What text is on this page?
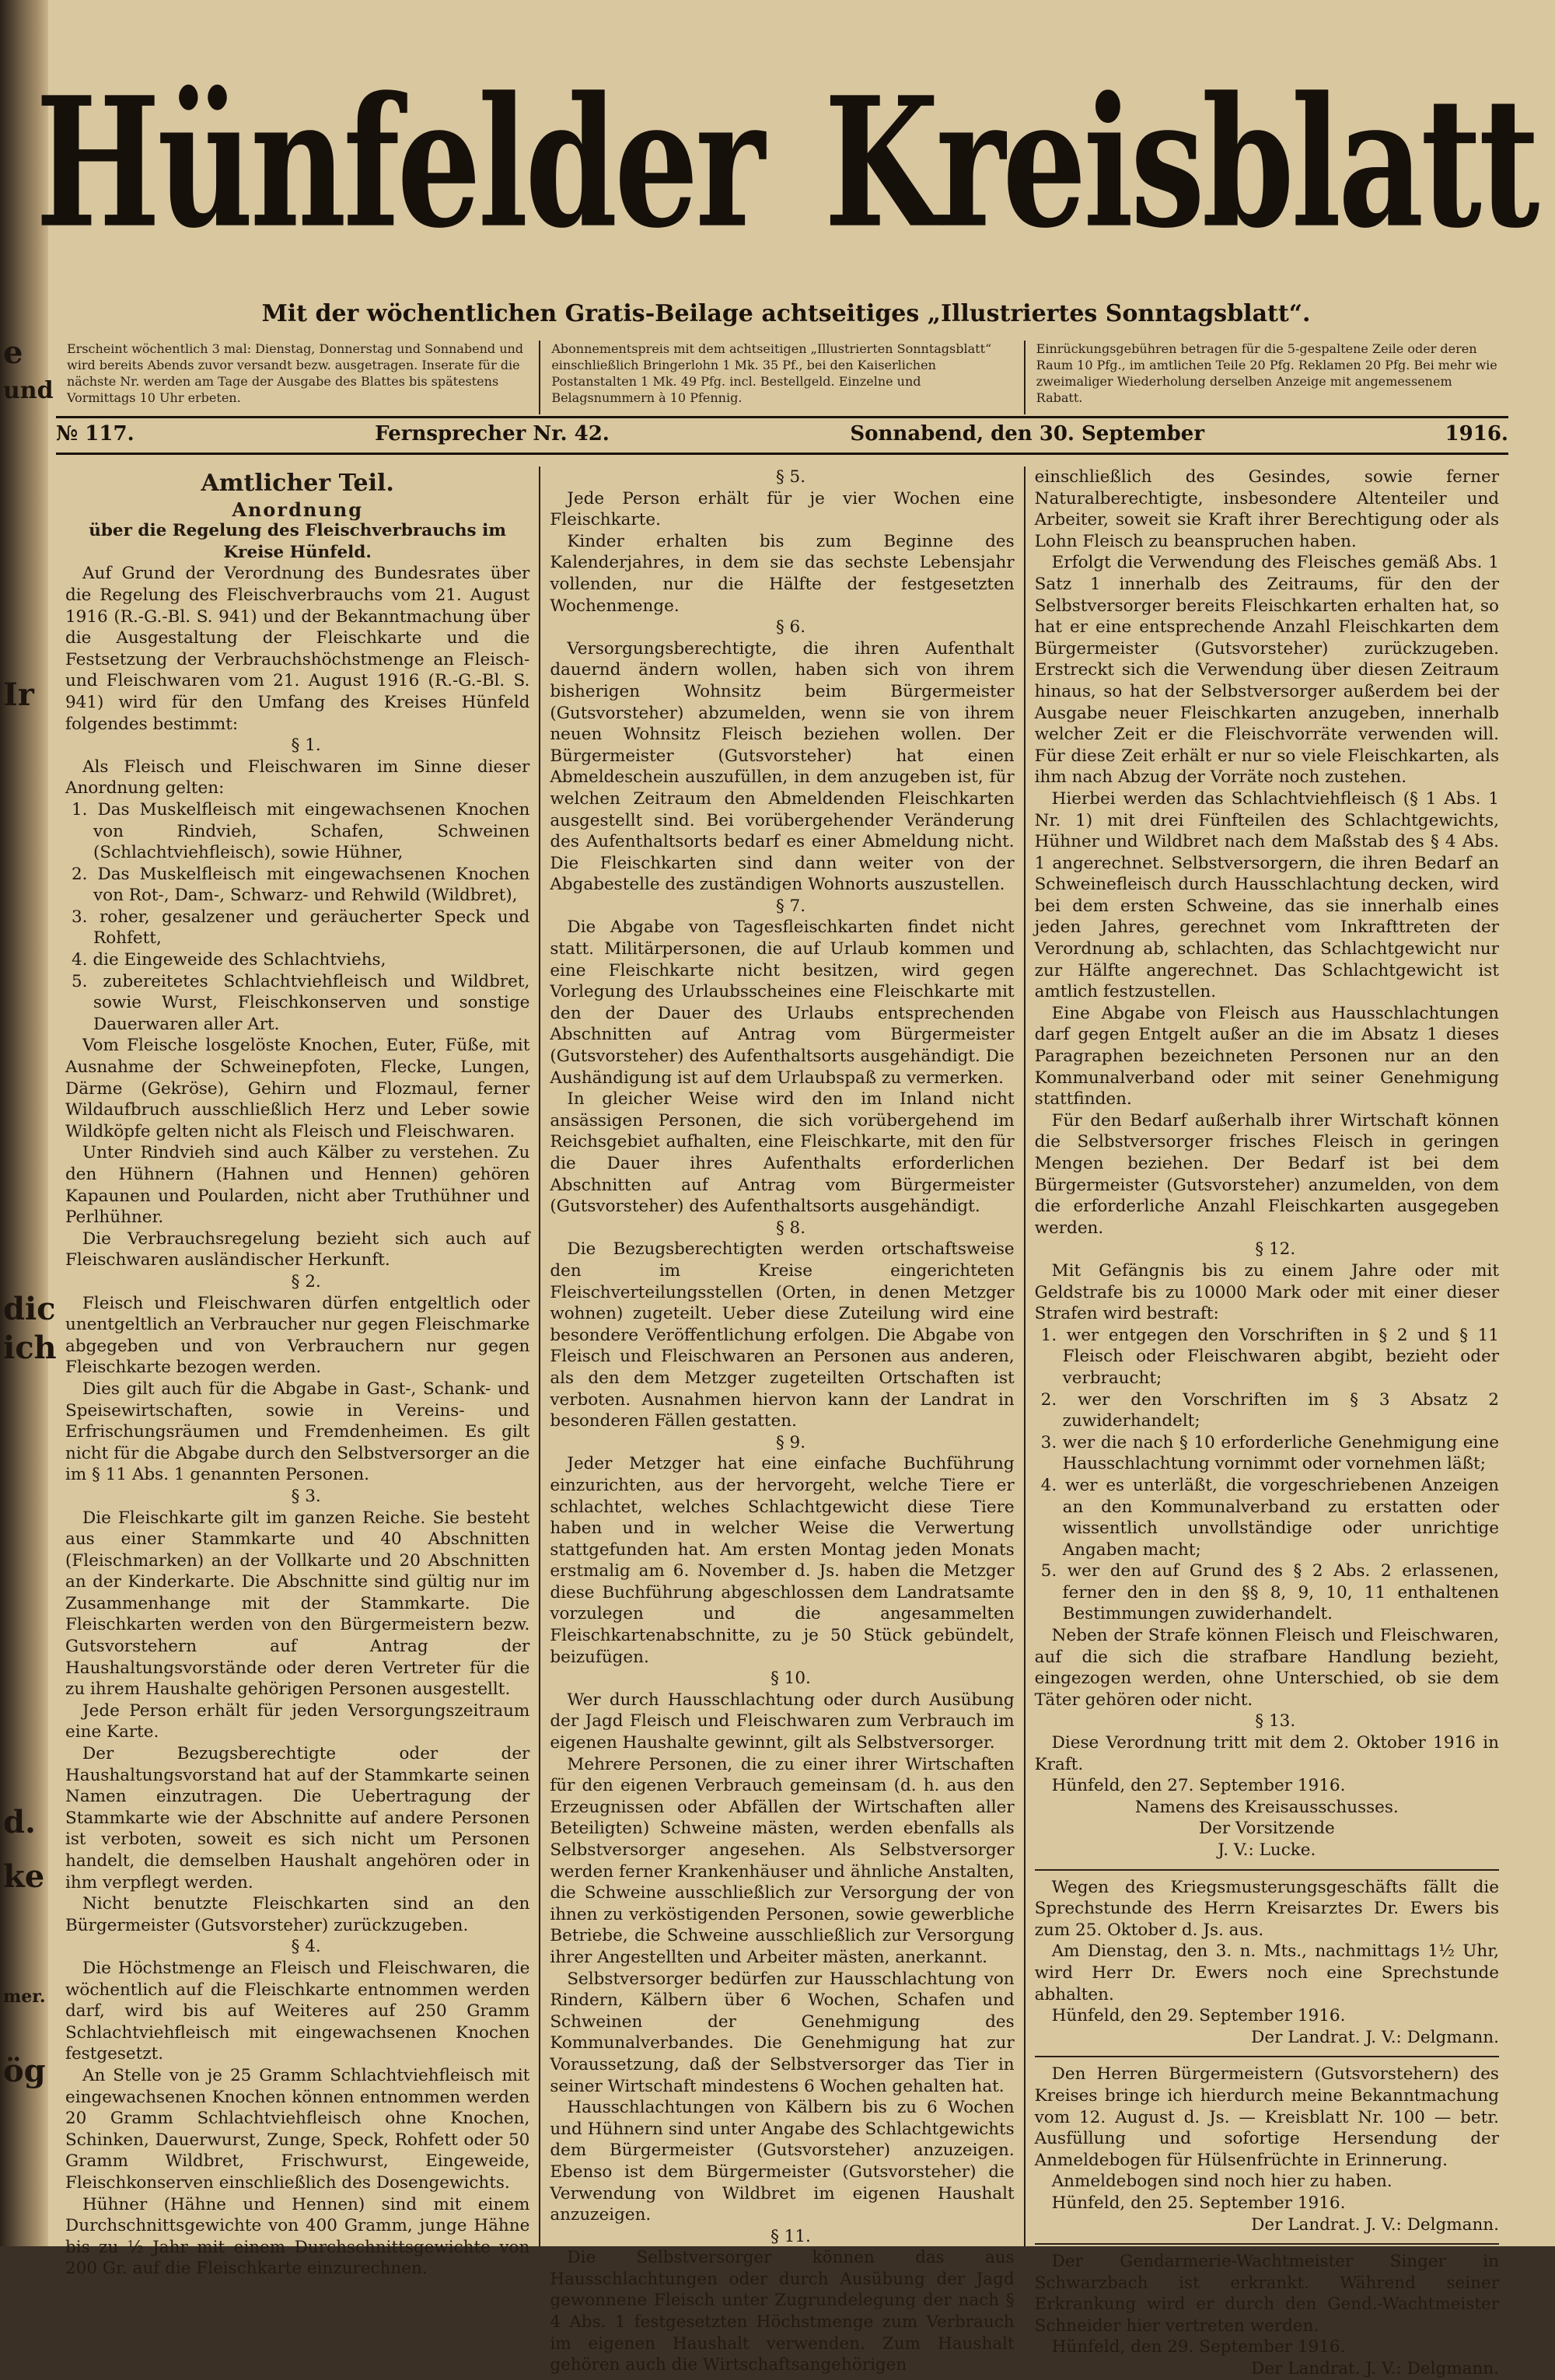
e
und
Ir
dic
ich
d.
ke
mer.
ög
Hünfelder Kreisblatt
Mit der wöchentlichen Gratis-Beilage achtseitiges „Illustriertes Sonntagsblatt“.
Erscheint wöchentlich 3 mal: Dienstag, Donnerstag und Sonnabend und wird bereits Abends zuvor versandt bezw. ausgetragen. Inserate für die nächste Nr. werden am Tage der Ausgabe des Blattes bis spätestens Vormittags 10 Uhr erbeten.
Abonnementspreis mit dem achtseitigen „Illustrierten Sonntagsblatt“ einschließlich Bringerlohn 1 Mk. 35 Pf., bei den Kaiserlichen Postanstalten 1 Mk. 49 Pfg. incl. Bestellgeld. Einzelne und Belagsnummern à 10 Pfennig.
Einrückungsgebühren betragen für die 5-gespaltene Zeile oder deren Raum 10 Pfg., im amtlichen Teile 20 Pfg. Reklamen 20 Pfg. Bei mehr wie zweimaliger Wiederholung derselben Anzeige mit angemessenem Rabatt.
№ 117.	Fernsprecher Nr. 42.	Sonnabend, den 30. September	1916.
Amtlicher Teil.
Anordnung

über die Regelung des Fleischverbrauchs im Kreise Hünfeld.

Auf Grund der Verordnung des Bundesrates über die Regelung des Fleischverbrauchs vom 21. August 1916 (R.-G.-Bl. S. 941) und der Bekanntmachung über die Ausgestaltung der Fleischkarte und die Festsetzung der Verbrauchshöchstmenge an Fleisch- und Fleischwaren vom 21. August 1916 (R.-G.-Bl. S. 941) wird für den Umfang des Kreises Hünfeld folgendes bestimmt:

§ 1.

Als Fleisch und Fleischwaren im Sinne dieser Anordnung gelten:

1. Das Muskelfleisch mit eingewachsenen Knochen von Rindvieh, Schafen, Schweinen (Schlachtviehfleisch), sowie Hühner,
2. Das Muskelfleisch mit eingewachsenen Knochen von Rot-, Dam-, Schwarz- und Rehwild (Wildbret),
3. roher, gesalzener und geräucherter Speck und Rohfett,
4. die Eingeweide des Schlachtviehs,
5. zubereitetes Schlachtviehfleisch und Wildbret, sowie Wurst, Fleischkonserven und sonstige Dauerwaren aller Art.

Vom Fleische losgelöste Knochen, Euter, Füße, mit Ausnahme der Schweinepfoten, Flecke, Lungen, Därme (Gekröse), Gehirn und Flozmaul, ferner Wildaufbruch ausschließlich Herz und Leber sowie Wildköpfe gelten nicht als Fleisch und Fleischwaren.

Unter Rindvieh sind auch Kälber zu verstehen. Zu den Hühnern (Hahnen und Hennen) gehören Kapaunen und Poularden, nicht aber Truthühner und Perlhühner.

Die Verbrauchsregelung bezieht sich auch auf Fleischwaren ausländischer Herkunft.

§ 2.

Fleisch und Fleischwaren dürfen entgeltlich oder unentgeltlich an Verbraucher nur gegen Fleischmarke abgegeben und von Verbrauchern nur gegen Fleischkarte bezogen werden.

Dies gilt auch für die Abgabe in Gast-, Schank- und Speisewirtschaften, sowie in Vereins- und Erfrischungsräumen und Fremdenheimen. Es gilt nicht für die Abgabe durch den Selbstversorger an die im § 11 Abs. 1 genannten Personen.

§ 3.

Die Fleischkarte gilt im ganzen Reiche. Sie besteht aus einer Stammkarte und 40 Abschnitten (Fleischmarken) an der Vollkarte und 20 Abschnitten an der Kinderkarte. Die Abschnitte sind gültig nur im Zusammenhange mit der Stammkarte. Die Fleischkarten werden von den Bürgermeistern bezw. Gutsvorstehern auf Antrag der Haushaltungsvorstände oder deren Vertreter für die zu ihrem Haushalte gehörigen Personen ausgestellt.

Jede Person erhält für jeden Versorgungszeitraum eine Karte.

Der Bezugsberechtigte oder der Haushaltungsvorstand hat auf der Stammkarte seinen Namen einzutragen. Die Uebertragung der Stammkarte wie der Abschnitte auf andere Personen ist verboten, soweit es sich nicht um Personen handelt, die demselben Haushalt angehören oder in ihm verpflegt werden.

Nicht benutzte Fleischkarten sind an den Bürgermeister (Gutsvorsteher) zurückzugeben.

§ 4.

Die Höchstmenge an Fleisch und Fleischwaren, die wöchentlich auf die Fleischkarte entnommen werden darf, wird bis auf Weiteres auf 250 Gramm Schlachtviehfleisch mit eingewachsenen Knochen festgesetzt.

An Stelle von je 25 Gramm Schlachtviehfleisch mit eingewachsenen Knochen können entnommen werden 20 Gramm Schlachtviehfleisch ohne Knochen, Schinken, Dauerwurst, Zunge, Speck, Rohfett oder 50 Gramm Wildbret, Frischwurst, Eingeweide, Fleischkonserven einschließlich des Dosengewichts.

Hühner (Hähne und Hennen) sind mit einem Durchschnittsgewichte von 400 Gramm, junge Hähne bis zu ½ Jahr mit einem Durchschnittsgewichte von 200 Gr. auf die Fleischkarte einzurechnen.

§ 5.

Jede Person erhält für je vier Wochen eine Fleischkarte.

Kinder erhalten bis zum Beginne des Kalenderjahres, in dem sie das sechste Lebensjahr vollenden, nur die Hälfte der festgesetzten Wochenmenge.

§ 6.

Versorgungsberechtigte, die ihren Aufenthalt dauernd ändern wollen, haben sich von ihrem bisherigen Wohnsitz beim Bürgermeister (Gutsvorsteher) abzumelden, wenn sie von ihrem neuen Wohnsitz Fleisch beziehen wollen. Der Bürgermeister (Gutsvorsteher) hat einen Abmeldeschein auszufüllen, in dem anzugeben ist, für welchen Zeitraum den Abmeldenden Fleischkarten ausgestellt sind. Bei vorübergehender Veränderung des Aufenthaltsorts bedarf es einer Abmeldung nicht. Die Fleischkarten sind dann weiter von der Abgabestelle des zuständigen Wohnorts auszustellen.

§ 7.

Die Abgabe von Tagesfleischkarten findet nicht statt. Militärpersonen, die auf Urlaub kommen und eine Fleischkarte nicht besitzen, wird gegen Vorlegung des Urlaubsscheines eine Fleischkarte mit den der Dauer des Urlaubs entsprechenden Abschnitten auf Antrag vom Bürgermeister (Gutsvorsteher) des Aufenthaltsorts ausgehändigt. Die Aushändigung ist auf dem Urlaubspaß zu vermerken.

In gleicher Weise wird den im Inland nicht ansässigen Personen, die sich vorübergehend im Reichsgebiet aufhalten, eine Fleischkarte, mit den für die Dauer ihres Aufenthalts erforderlichen Abschnitten auf Antrag vom Bürgermeister (Gutsvorsteher) des Aufenthaltsorts ausgehändigt.

§ 8.

Die Bezugsberechtigten werden ortschaftsweise den im Kreise eingerichteten Fleischverteilungsstellen (Orten, in denen Metzger wohnen) zugeteilt. Ueber diese Zuteilung wird eine besondere Veröffentlichung erfolgen. Die Abgabe von Fleisch und Fleischwaren an Personen aus anderen, als den dem Metzger zugeteilten Ortschaften ist verboten. Ausnahmen hiervon kann der Landrat in besonderen Fällen gestatten.

§ 9.

Jeder Metzger hat eine einfache Buchführung einzurichten, aus der hervorgeht, welche Tiere er schlachtet, welches Schlachtgewicht diese Tiere haben und in welcher Weise die Verwertung stattgefunden hat. Am ersten Montag jeden Monats erstmalig am 6. November d. Js. haben die Metzger diese Buchführung abgeschlossen dem Landratsamte vorzulegen und die angesammelten Fleischkartenabschnitte, zu je 50 Stück gebündelt, beizufügen.

§ 10.

Wer durch Hausschlachtung oder durch Ausübung der Jagd Fleisch und Fleischwaren zum Verbrauch im eigenen Haushalte gewinnt, gilt als Selbstversorger.

Mehrere Personen, die zu einer ihrer Wirtschaften für den eigenen Verbrauch gemeinsam (d. h. aus den Erzeugnissen oder Abfällen der Wirtschaften aller Beteiligten) Schweine mästen, werden ebenfalls als Selbstversorger angesehen. Als Selbstversorger werden ferner Krankenhäuser und ähnliche Anstalten, die Schweine ausschließlich zur Versorgung der von ihnen zu verköstigenden Personen, sowie gewerbliche Betriebe, die Schweine ausschließlich zur Versorgung ihrer Angestellten und Arbeiter mästen, anerkannt.

Selbstversorger bedürfen zur Hausschlachtung von Rindern, Kälbern über 6 Wochen, Schafen und Schweinen der Genehmigung des Kommunalverbandes. Die Genehmigung hat zur Voraussetzung, daß der Selbstversorger das Tier in seiner Wirtschaft mindestens 6 Wochen gehalten hat.

Hausschlachtungen von Kälbern bis zu 6 Wochen und Hühnern sind unter Angabe des Schlachtgewichts dem Bürgermeister (Gutsvorsteher) anzuzeigen. Ebenso ist dem Bürgermeister (Gutsvorsteher) die Verwendung von Wildbret im eigenen Haushalt anzuzeigen.

§ 11.

Die Selbstversorger können das aus Hausschlachtungen oder durch Ausübung der Jagd gewonnene Fleisch unter Zugrundelegung der nach § 4 Abs. 1 festgesetzten Höchstmenge zum Verbrauch im eigenen Haushalt verwenden. Zum Haushalt gehören auch die Wirtschaftsangehörigen

einschließlich des Gesindes, sowie ferner Naturalberechtigte, insbesondere Altenteiler und Arbeiter, soweit sie Kraft ihrer Berechtigung oder als Lohn Fleisch zu beanspruchen haben.

Erfolgt die Verwendung des Fleisches gemäß Abs. 1 Satz 1 innerhalb des Zeitraums, für den der Selbstversorger bereits Fleischkarten erhalten hat, so hat er eine entsprechende Anzahl Fleischkarten dem Bürgermeister (Gutsvorsteher) zurückzugeben. Erstreckt sich die Verwendung über diesen Zeitraum hinaus, so hat der Selbstversorger außerdem bei der Ausgabe neuer Fleischkarten anzugeben, innerhalb welcher Zeit er die Fleischvorräte verwenden will. Für diese Zeit erhält er nur so viele Fleischkarten, als ihm nach Abzug der Vorräte noch zustehen.

Hierbei werden das Schlachtviehfleisch (§ 1 Abs. 1 Nr. 1) mit drei Fünfteilen des Schlachtgewichts, Hühner und Wildbret nach dem Maßstab des § 4 Abs. 1 angerechnet. Selbstversorgern, die ihren Bedarf an Schweinefleisch durch Hausschlachtung decken, wird bei dem ersten Schweine, das sie innerhalb eines jeden Jahres, gerechnet vom Inkrafttreten der Verordnung ab, schlachten, das Schlachtgewicht nur zur Hälfte angerechnet. Das Schlachtgewicht ist amtlich festzustellen.

Eine Abgabe von Fleisch aus Hausschlachtungen darf gegen Entgelt außer an die im Absatz 1 dieses Paragraphen bezeichneten Personen nur an den Kommunalverband oder mit seiner Genehmigung stattfinden.

Für den Bedarf außerhalb ihrer Wirtschaft können die Selbstversorger frisches Fleisch in geringen Mengen beziehen. Der Bedarf ist bei dem Bürgermeister (Gutsvorsteher) anzumelden, von dem die erforderliche Anzahl Fleischkarten ausgegeben werden.

§ 12.

Mit Gefängnis bis zu einem Jahre oder mit Geldstrafe bis zu 10000 Mark oder mit einer dieser Strafen wird bestraft:

1. wer entgegen den Vorschriften in § 2 und § 11 Fleisch oder Fleischwaren abgibt, bezieht oder verbraucht;
2. wer den Vorschriften im § 3 Absatz 2 zuwiderhandelt;
3. wer die nach § 10 erforderliche Genehmigung eine Hausschlachtung vornimmt oder vornehmen läßt;
4. wer es unterläßt, die vorgeschriebenen Anzeigen an den Kommunalverband zu erstatten oder wissentlich unvollständige oder unrichtige Angaben macht;
5. wer den auf Grund des § 2 Abs. 2 erlassenen, ferner den in den §§ 8, 9, 10, 11 enthaltenen Bestimmungen zuwiderhandelt.

Neben der Strafe können Fleisch und Fleischwaren, auf die sich die strafbare Handlung bezieht, eingezogen werden, ohne Unterschied, ob sie dem Täter gehören oder nicht.

§ 13.

Diese Verordnung tritt mit dem 2. Oktober 1916 in Kraft.

Hünfeld, den 27. September 1916.

Namens des Kreisausschusses.

Der Vorsitzende

J. V.: Lucke.

Wegen des Kriegsmusterungsgeschäfts fällt die Sprechstunde des Herrn Kreisarztes Dr. Ewers bis zum 25. Oktober d. Js. aus.

Am Dienstag, den 3. n. Mts., nachmittags 1½ Uhr, wird Herr Dr. Ewers noch eine Sprechstunde abhalten.

Hünfeld, den 29. September 1916.

Der Landrat. J. V.: Delgmann.

Den Herren Bürgermeistern (Gutsvorstehern) des Kreises bringe ich hierdurch meine Bekanntmachung vom 12. August d. Js. — Kreisblatt Nr. 100 — betr. Ausfüllung und sofortige Hersendung der Anmeldebogen für Hülsenfrüchte in Erinnerung.

Anmeldebogen sind noch hier zu haben.

Hünfeld, den 25. September 1916.

Der Landrat. J. V.: Delgmann.

Der Gendarmerie-Wachtmeister Singer in Schwarzbach ist erkrankt. Während seiner Erkrankung wird er durch den Gend.-Wachtmeister Schneider hier vertreten werden.

Hünfeld, den 29. September 1916.

Der Landrat. J. V.: Delgmann.
